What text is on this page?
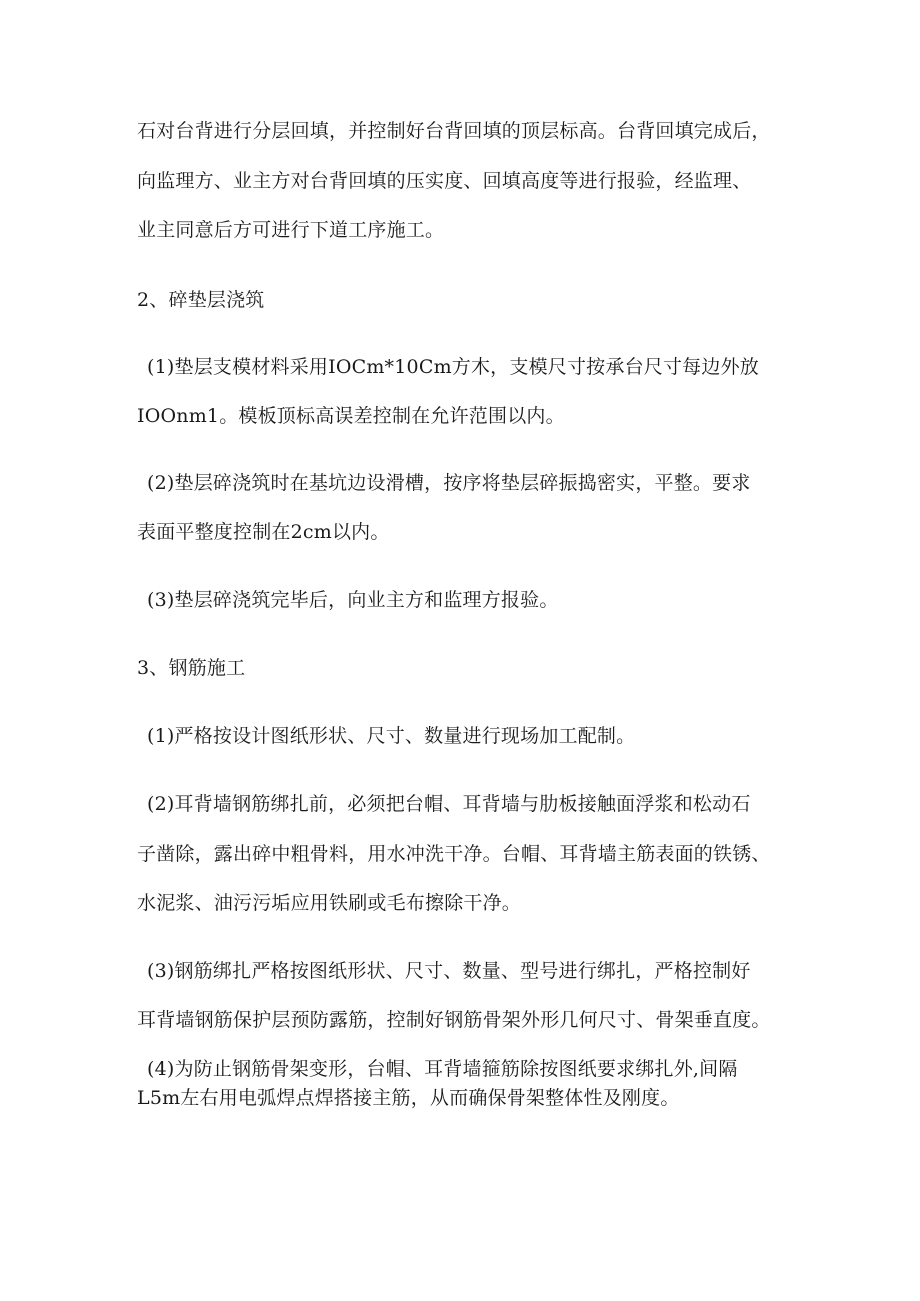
石对台背进行分层回填，并控制好台背回填的顶层标高。台背回填完成后，
向监理方、业主方对台背回填的压实度、回填高度等进行报验，经监理、
业主同意后方可进行下道工序施工。
2、碎垫层浇筑
(1)垫层支模材料采用IOCm*10Cm方木，支模尺寸按承台尺寸每边外放
IOOnm1。模板顶标高误差控制在允许范围以内。
(2)垫层碎浇筑时在基坑边设滑槽，按序将垫层碎振捣密实，平整。要求
表面平整度控制在2cm以内。
(3)垫层碎浇筑完毕后，向业主方和监理方报验。
3、钢筋施工
(1)严格按设计图纸形状、尺寸、数量进行现场加工配制。
(2)耳背墙钢筋绑扎前，必须把台帽、耳背墙与肋板接触面浮浆和松动石
子凿除，露出碎中粗骨料，用水冲洗干净。台帽、耳背墙主筋表面的铁锈、
水泥浆、油污污垢应用铁刷或毛布擦除干净。
(3)钢筋绑扎严格按图纸形状、尺寸、数量、型号进行绑扎，严格控制好
耳背墙钢筋保护层预防露筋，控制好钢筋骨架外形几何尺寸、骨架垂直度。
(4)为防止钢筋骨架变形，台帽、耳背墙箍筋除按图纸要求绑扎外,间隔
L5m左右用电弧焊点焊搭接主筋，从而确保骨架整体性及刚度。
